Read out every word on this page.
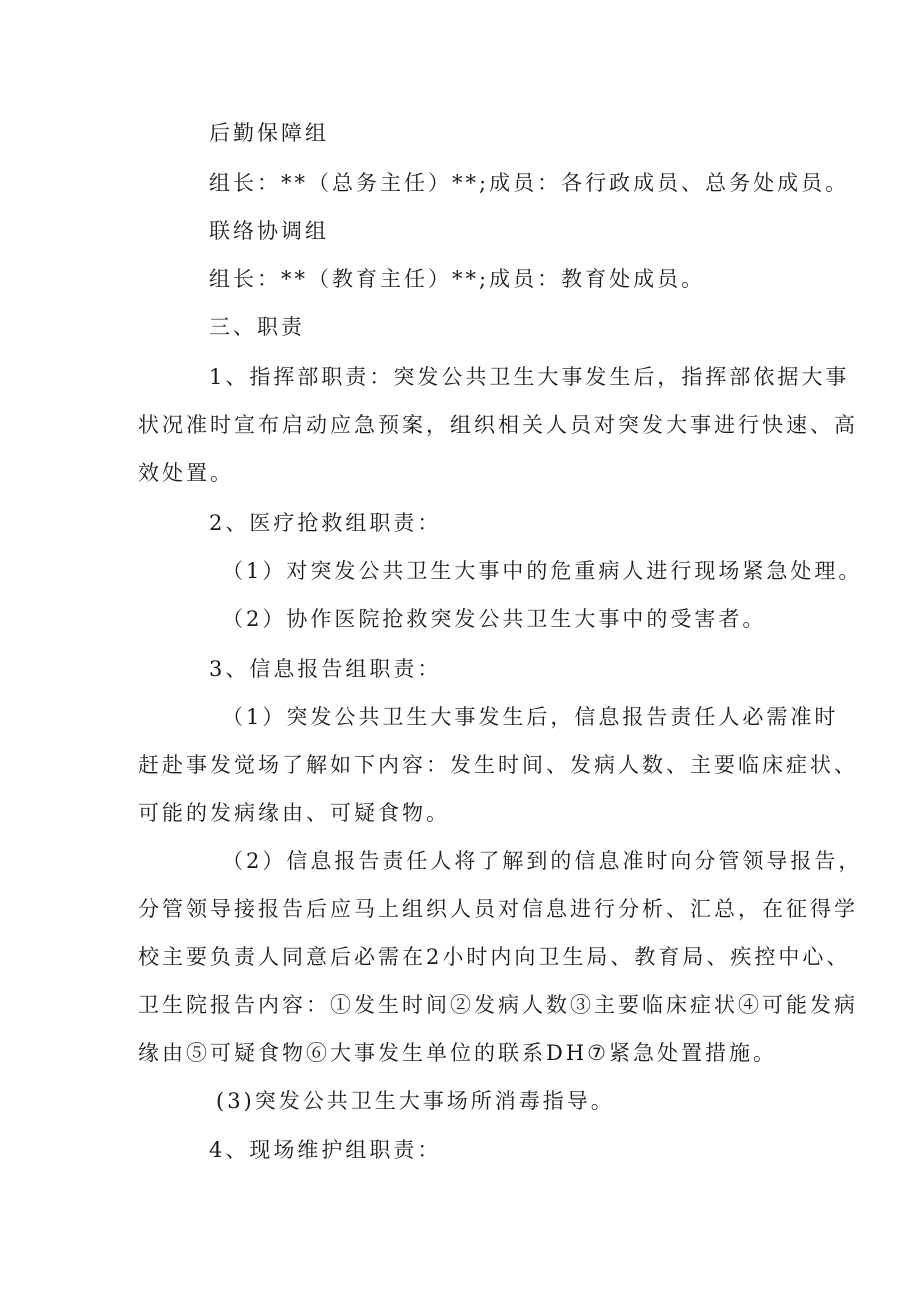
后勤保障组

组长：**（总务主任）**;成员：各行政成员、总务处成员。

联络协调组

组长：**（教育主任）**;成员：教育处成员。

三、职责

1、指挥部职责：突发公共卫生大事发生后，指挥部依据大事

状况准时宣布启动应急预案，组织相关人员对突发大事进行快速、高

效处置。

2、医疗抢救组职责：

（1）对突发公共卫生大事中的危重病人进行现场紧急处理。

（2）协作医院抢救突发公共卫生大事中的受害者。

3、信息报告组职责：

（1）突发公共卫生大事发生后，信息报告责任人必需准时

赶赴事发觉场了解如下内容：发生时间、发病人数、主要临床症状、

可能的发病缘由、可疑食物。

（2）信息报告责任人将了解到的信息准时向分管领导报告，

分管领导接报告后应马上组织人员对信息进行分析、汇总，在征得学

校主要负责人同意后必需在2小时内向卫生局、教育局、疾控中心、

卫生院报告内容：①发生时间②发病人数③主要临床症状④可能发病

缘由⑤可疑食物⑥大事发生单位的联系DH⑦紧急处置措施。

(3)突发公共卫生大事场所消毒指导。

4、现场维护组职责：
